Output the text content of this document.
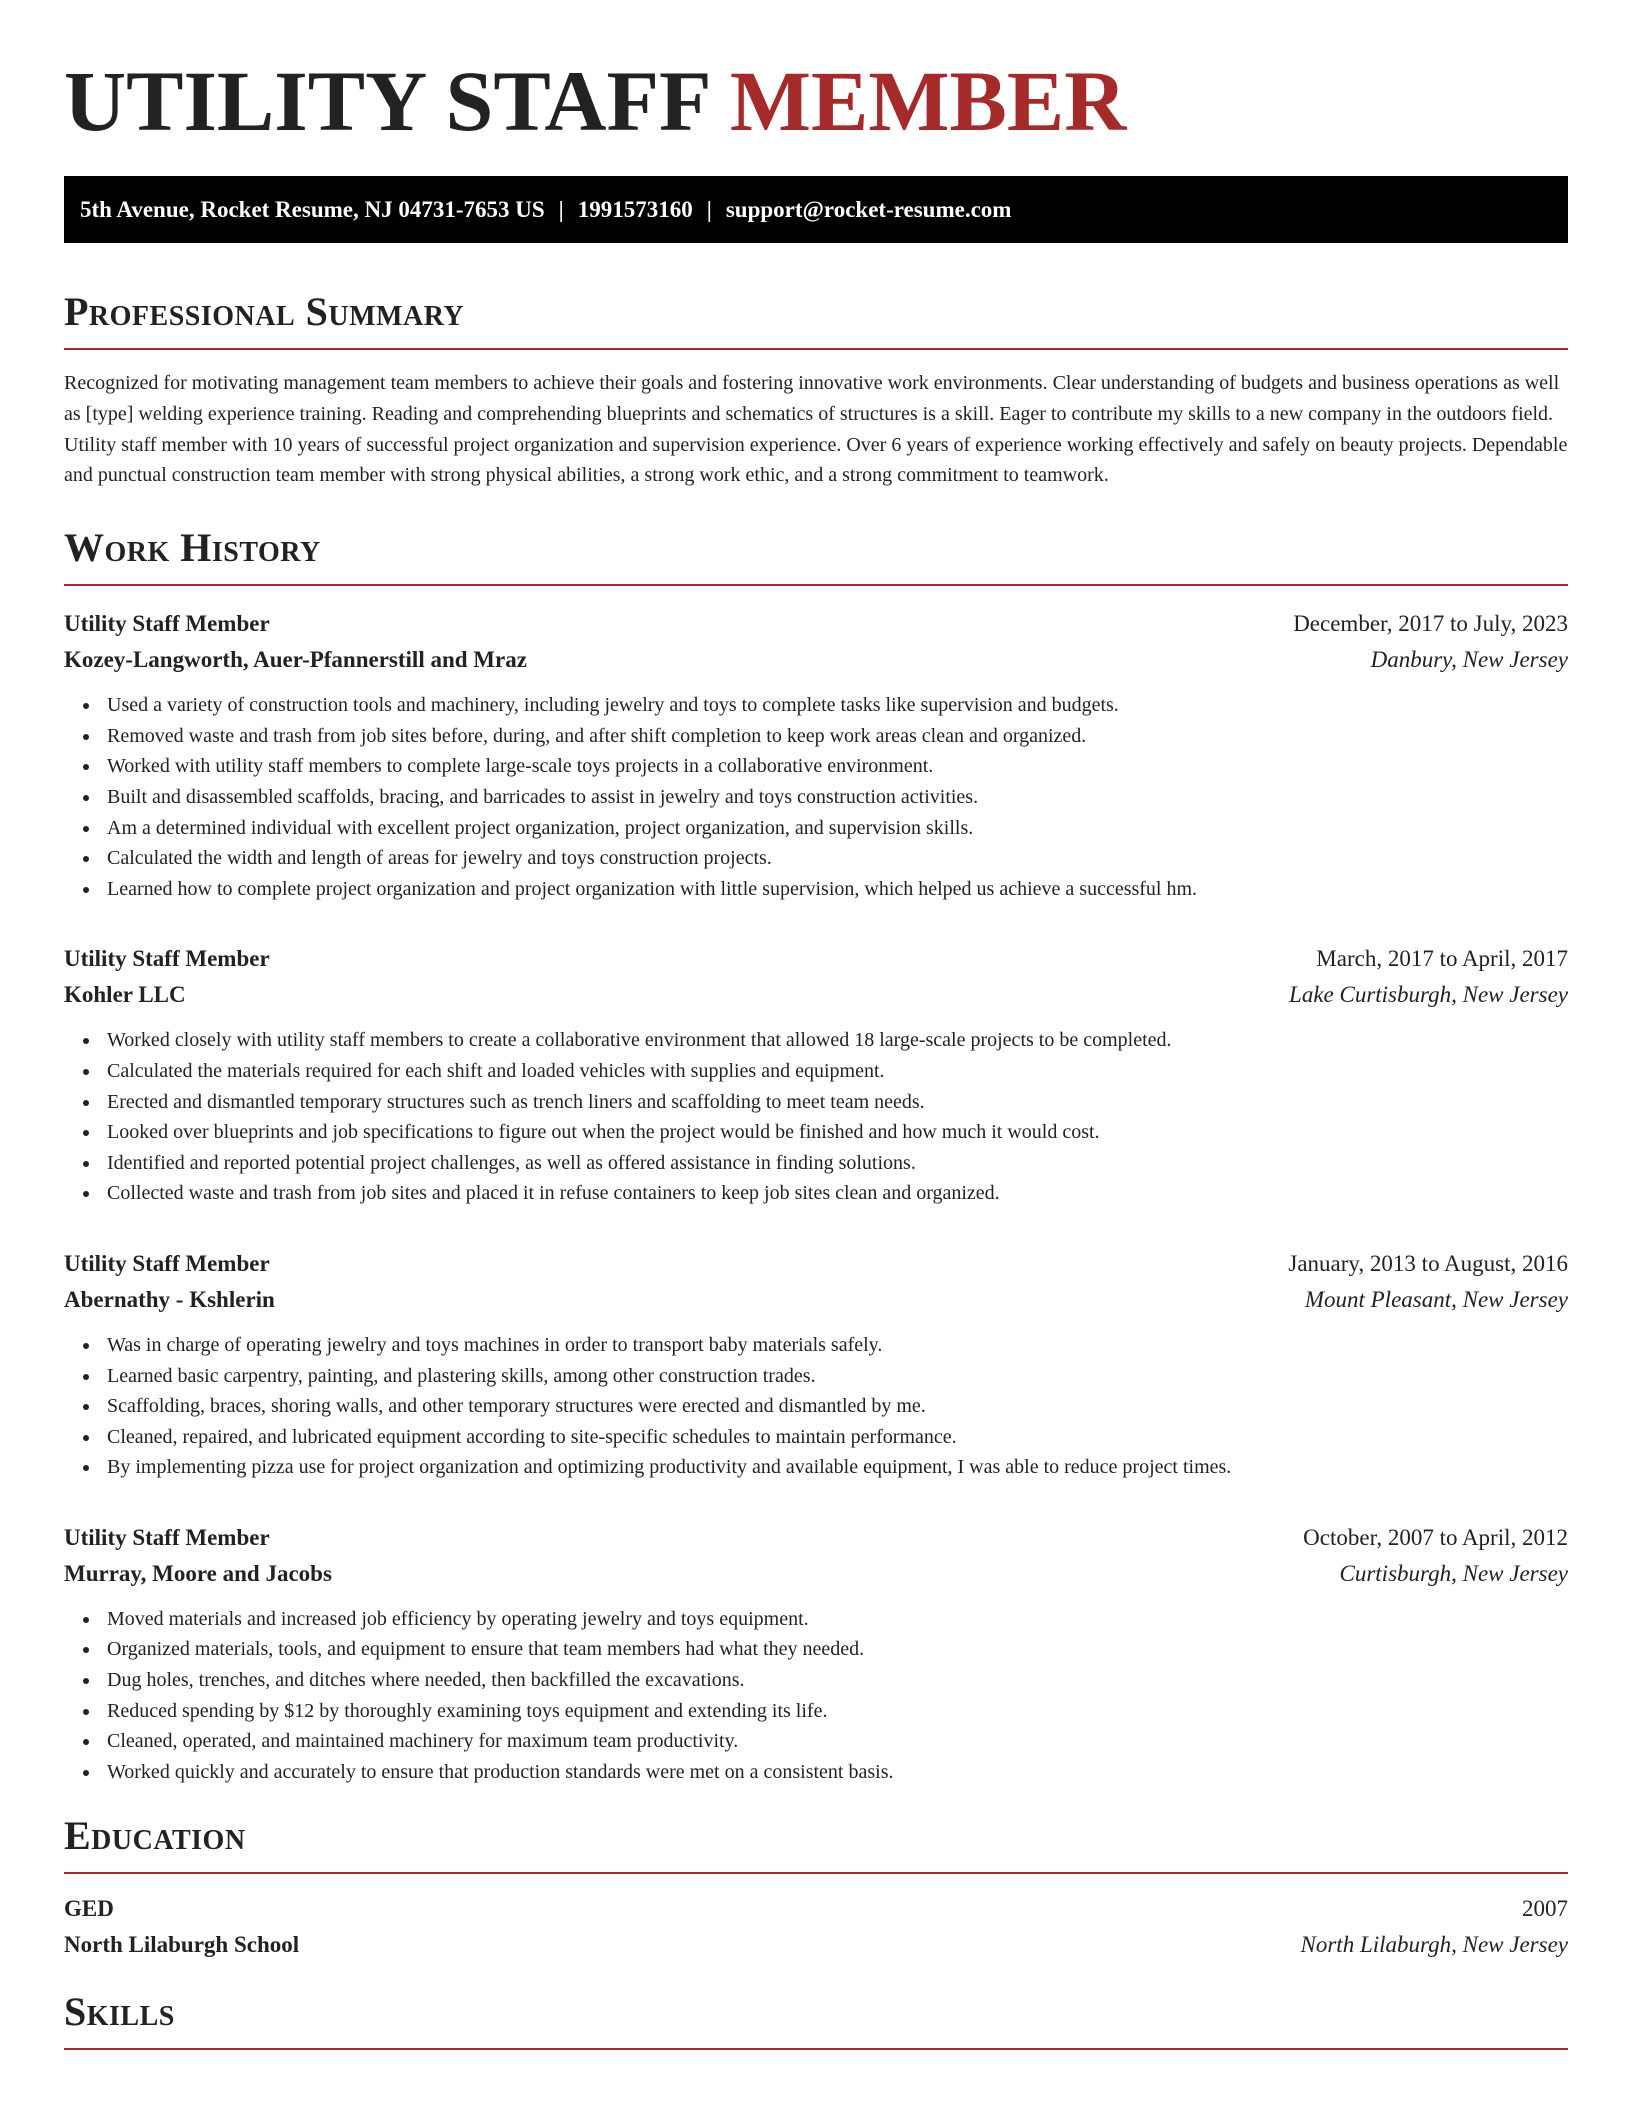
UTILITY STAFF MEMBER
5th Avenue, Rocket Resume, NJ 04731-7653 US | 1991573160 | support@rocket-resume.com
Professional Summary

Recognized for motivating management team members to achieve their goals and fostering innovative work environments. Clear understanding of budgets and business operations as well as [type] welding experience training. Reading and comprehending blueprints and schematics of structures is a skill. Eager to contribute my skills to a new company in the outdoors field. Utility staff member with 10 years of successful project organization and supervision experience. Over 6 years of experience working effectively and safely on beauty projects. Dependable and punctual construction team member with strong physical abilities, a strong work ethic, and a strong commitment to teamwork.

Work History
Utility Staff Member	December, 2017 to July, 2023
Kozey-Langworth, Auer-Pfannerstill and Mraz	Danbury, New Jersey
Used a variety of construction tools and machinery, including jewelry and toys to complete tasks like supervision and budgets.
Removed waste and trash from job sites before, during, and after shift completion to keep work areas clean and organized.
Worked with utility staff members to complete large-scale toys projects in a collaborative environment.
Built and disassembled scaffolds, bracing, and barricades to assist in jewelry and toys construction activities.
Am a determined individual with excellent project organization, project organization, and supervision skills.
Calculated the width and length of areas for jewelry and toys construction projects.
Learned how to complete project organization and project organization with little supervision, which helped us achieve a successful hm.
Utility Staff Member	March, 2017 to April, 2017
Kohler LLC	Lake Curtisburgh, New Jersey
Worked closely with utility staff members to create a collaborative environment that allowed 18 large-scale projects to be completed.
Calculated the materials required for each shift and loaded vehicles with supplies and equipment.
Erected and dismantled temporary structures such as trench liners and scaffolding to meet team needs.
Looked over blueprints and job specifications to figure out when the project would be finished and how much it would cost.
Identified and reported potential project challenges, as well as offered assistance in finding solutions.
Collected waste and trash from job sites and placed it in refuse containers to keep job sites clean and organized.
Utility Staff Member	January, 2013 to August, 2016
Abernathy - Kshlerin	Mount Pleasant, New Jersey
Was in charge of operating jewelry and toys machines in order to transport baby materials safely.
Learned basic carpentry, painting, and plastering skills, among other construction trades.
Scaffolding, braces, shoring walls, and other temporary structures were erected and dismantled by me.
Cleaned, repaired, and lubricated equipment according to site-specific schedules to maintain performance.
By implementing pizza use for project organization and optimizing productivity and available equipment, I was able to reduce project times.
Utility Staff Member	October, 2007 to April, 2012
Murray, Moore and Jacobs	Curtisburgh, New Jersey
Moved materials and increased job efficiency by operating jewelry and toys equipment.
Organized materials, tools, and equipment to ensure that team members had what they needed.
Dug holes, trenches, and ditches where needed, then backfilled the excavations.
Reduced spending by $12 by thoroughly examining toys equipment and extending its life.
Cleaned, operated, and maintained machinery for maximum team productivity.
Worked quickly and accurately to ensure that production standards were met on a consistent basis.
Education
GED	2007
North Lilaburgh School	North Lilaburgh, New Jersey
Skills
